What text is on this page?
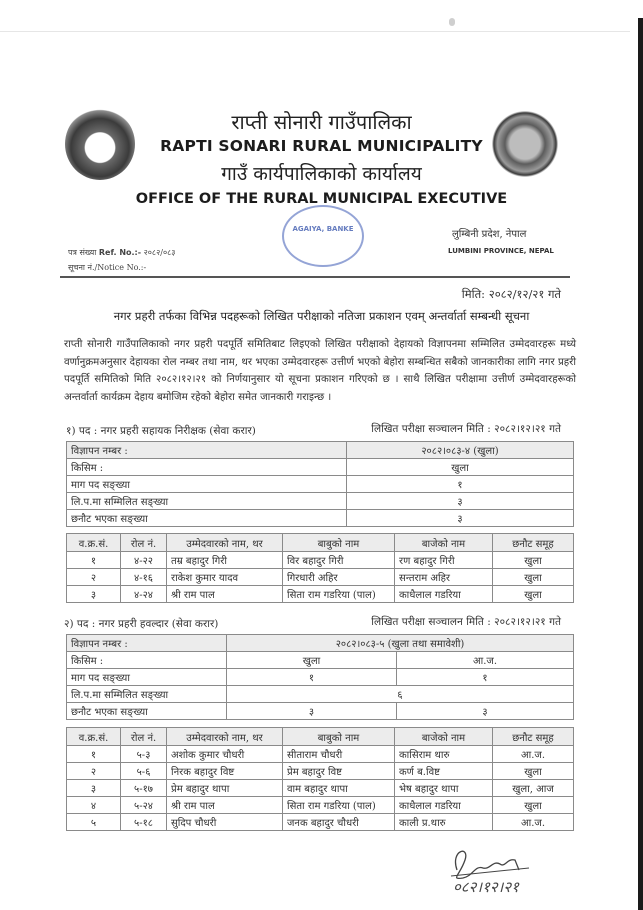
राप्ती सोनारी गाउँपालिका
RAPTI SONARI RURAL MUNICIPALITY
गाउँ कार्यपालिकाको कार्यालय
OFFICE OF THE RURAL MUNICIPAL EXECUTIVE
AGAIYA, BANKE
पत्र संख्या Ref. No.:- २०८२/०८३
सूचना नं./Notice No.:-
लुम्बिनी प्रदेश, नेपाल
LUMBINI PROVINCE, NEPAL
मिति: २०८२/१२/२१ गते
नगर प्रहरी तर्फका विभिन्न पदहरूको लिखित परीक्षाको नतिजा प्रकाशन एवम् अन्तर्वार्ता सम्बन्धी सूचना
राप्ती सोनारी गाउँपालिकाको नगर प्रहरी पदपूर्ति समितिबाट लिइएको लिखित परीक्षाको देहायको विज्ञापनमा सम्मिलित उम्मेदवारहरू मध्ये वर्णानुक्रमअनुसार देहायका रोल नम्बर तथा नाम, थर भएका उम्मेदवारहरू उत्तीर्ण भएको बेहोरा सम्बन्धित सबैको जानकारीका लागि नगर प्रहरी पदपूर्ति समितिको मिति २०८२।१२।२१ को निर्णयानुसार यो सूचना प्रकाशन गरिएको छ । साथै लिखित परीक्षामा उत्तीर्ण उम्मेदवारहरूको अन्तर्वार्ता कार्यक्रम देहाय बमोजिम रहेको बेहोरा समेत जानकारी गराइन्छ ।
१) पद : नगर प्रहरी सहायक निरीक्षक (सेवा करार)	लिखित परीक्षा सञ्चालन मिति : २०८२।१२।२१ गते
विज्ञापन नम्बर :	२०८२।०८३-४ (खुला)
किसिम :	खुला
माग पद सङ्ख्या	१
लि.प.मा सम्मिलित सङ्ख्या	३
छनौट भएका सङ्ख्या	३
व.क्र.सं.	रोल नं.	उम्मेदवारको नाम, थर	बाबुको नाम	बाजेको नाम	छनौट समूह
१	४-२२	तम्र बहादुर गिरी	विर बहादुर गिरी	रण बहादुर गिरी	खुला
२	४-१६	राकेश कुमार यादव	गिरधारी अहिर	सन्तराम अहिर	खुला
३	४-२४	श्री राम पाल	सिता राम गडरिया (पाल)	काधैलाल गडरिया	खुला
२) पद : नगर प्रहरी हवल्दार (सेवा करार)	लिखित परीक्षा सञ्चालन मिति : २०८२।१२।२१ गते
विज्ञापन नम्बर :	२०८२।०८३-५ (खुला तथा समावेशी)	
किसिम :	खुला	आ.ज.
माग पद सङ्ख्या	१	१
लि.प.मा सम्मिलित सङ्ख्या	६	
छनौट भएका सङ्ख्या	३	३
व.क्र.सं.	रोल नं.	उम्मेदवारको नाम, थर	बाबुको नाम	बाजेको नाम	छनौट समूह
१	५-३	अशोक कुमार चौधरी	सीताराम चौधरी	कासिराम थारु	आ.ज.
२	५-६	निरक बहादुर विष्ट	प्रेम बहादुर विष्ट	कर्ण ब.विष्ट	खुला
३	५-१७	प्रेम बहादुर थापा	वाम बहादुर थापा	भेष बहादुर थापा	खुला, आज
४	५-२४	श्री राम पाल	सिता राम गडरिया (पाल)	काधैलाल गडरिया	खुला
५	५-१८	सुदिप चौधरी	जनक बहादुर चौधरी	काली प्र.थारु	आ.ज.
०८२।१२।२१
